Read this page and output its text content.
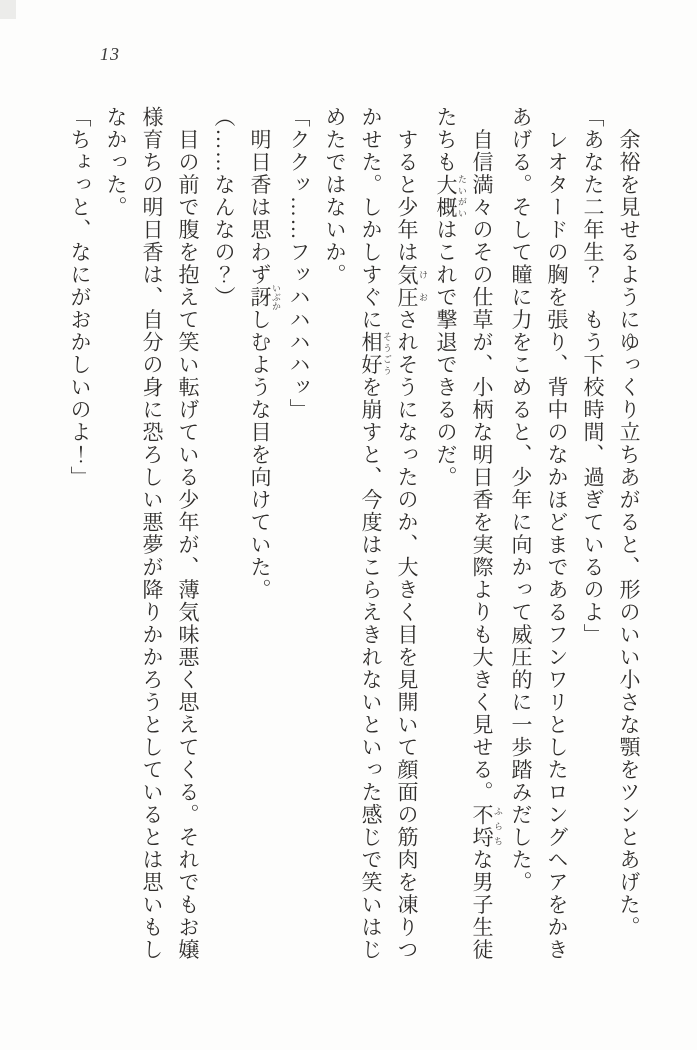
13

　余裕を見せるようにゆっくり立ちあがると、形のいい小さな顎をツンとあげた。

「あなた二年生？　もう下校時間、過ぎているのよ」

　レオタードの胸を張り、背中のなかほどまであるフンワリとしたロングヘアをかきあげる。そして瞳に力をこめると、少年に向かって威圧的に一歩踏みだした。

　自信満々のその仕草が、小柄な明日香を実際よりも大きく見せる。不埒 ふらちな男子生徒たちも大概 たいがいはこれで撃退できるのだ。

　すると少年は気圧 けおされそうになったのか、大きく目を見開いて顔面の筋肉を凍りつかせた。しかしすぐに相好 そうごうを崩すと、今度はこらえきれないといった感じで笑いはじめたではないか。

「ククッ……フッハハハハッ」

　明日香は思わず訝 いぶかしむような目を向けていた。

（……なんなの？）

　目の前で腹を抱えて笑い転げている少年が、薄気味悪く思えてくる。それでもお嬢様育ちの明日香は、自分の身に恐ろしい悪夢が降りかかろうとしているとは思いもしなかった。

「ちょっと、なにがおかしいのよ！」
